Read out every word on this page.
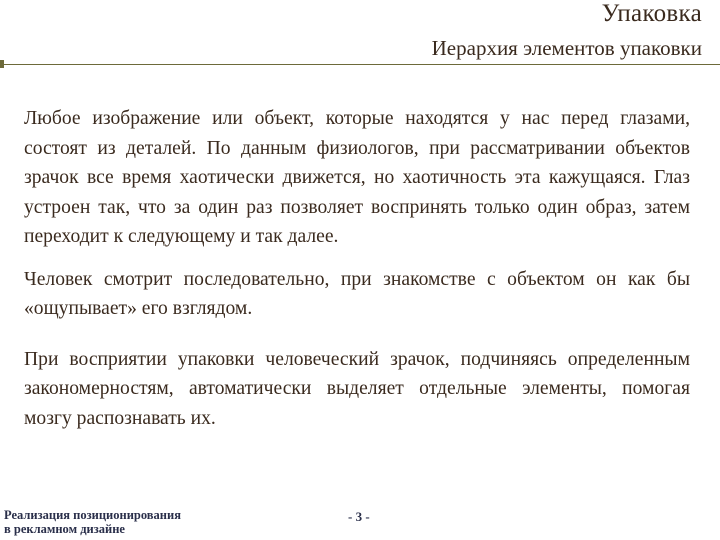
Упаковка
Иерархия элементов упаковки

Любое изображение или объект, которые находятся у нас перед глазами, состоят из деталей. По данным физиологов, при рассматривании объектов зрачок все время хаотически движется, но хаотичность эта кажущаяся. Глаз устроен так, что за один раз позволяет воспринять только один образ, затем переходит к следующему и так далее.

Человек смотрит последовательно, при знакомстве с объектом он как бы «ощупывает» его взглядом.

При восприятии упаковки человеческий зрачок, подчиняясь определенным закономерностям, автоматически выделяет отдельные элементы, помогая мозгу распознавать их.

Реализация позиционирования
в рекламном дизайне
- 3 -
